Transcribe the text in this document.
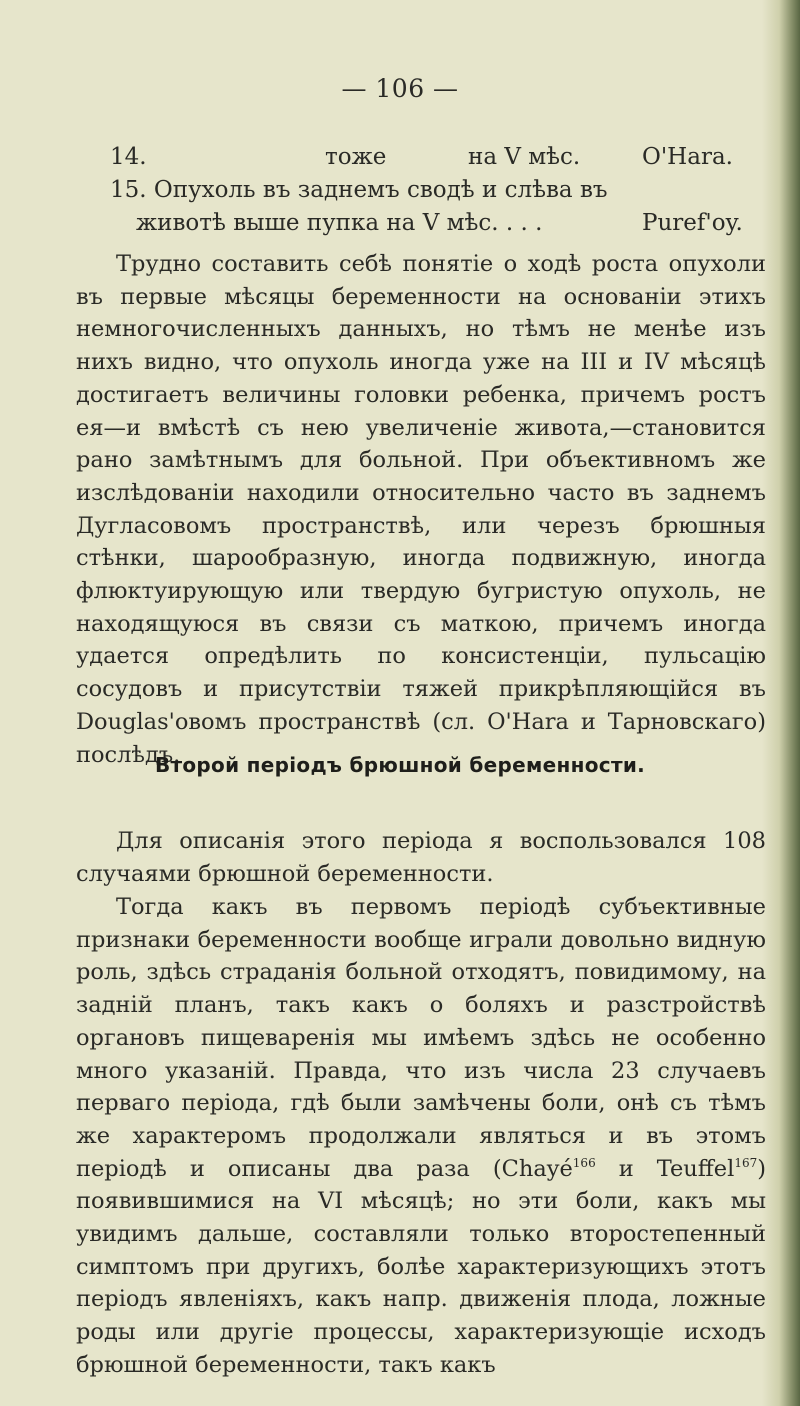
— 106 —
14.	тоже	на V мѣс.	O'Hara.
15. Опухоль въ заднемъ сводѣ и слѣва въ
животѣ выше пупка на V мѣс. . . .	Puref'oy.

Трудно составить себѣ понятіе о ходѣ роста опухоли въ первые мѣсяцы беременности на основаніи этихъ немногочисленныхъ данныхъ, но тѣмъ не менѣе изъ нихъ видно, что опухоль иногда уже на III и IV мѣсяцѣ достигаетъ величины головки ребенка, причемъ ростъ ея—и вмѣстѣ съ нею увеличеніе живота,—становится рано замѣтнымъ для больной. При объективномъ же изслѣдованіи находили относительно часто въ заднемъ Дугласовомъ пространствѣ, или черезъ брюшныя стѣнки, шарообразную, иногда подвижную, иногда флюктуирующую или твердую бугристую опухоль, не находящуюся въ связи съ маткою, причемъ иногда удается опредѣлить по консистенціи, пульсацію сосудовъ и присутствіи тяжей прикрѣпляющійся въ Douglas'овомъ пространствѣ (сл. O'Hara и Тарновскаго) послѣдъ.

Второй періодъ брюшной беременности.

Для описанія этого періода я воспользовался 108 случаями брюшной беременности.

Тогда какъ въ первомъ періодѣ субъективные признаки беременности вообще играли довольно видную роль, здѣсь страданія больной отходятъ, повидимому, на задній планъ, такъ какъ о боляхъ и разстройствѣ органовъ пищеваренія мы имѣемъ здѣсь не особенно много указаній. Правда, что изъ числа 23 случаевъ перваго періода, гдѣ были замѣчены боли, онѣ съ тѣмъ же характеромъ продолжали являться и въ этомъ періодѣ и описаны два раза (Chayé$^{166}$ и Teuffel$^{167}$) появившимися на VI мѣсяцѣ; но эти боли, какъ мы увидимъ дальше, составляли только второстепенный симптомъ при другихъ, болѣе характеризующихъ этотъ періодъ явленіяхъ, какъ напр. движенія плода, ложные роды или другіе процессы, характеризующіе исходъ брюшной беременности, такъ какъ
